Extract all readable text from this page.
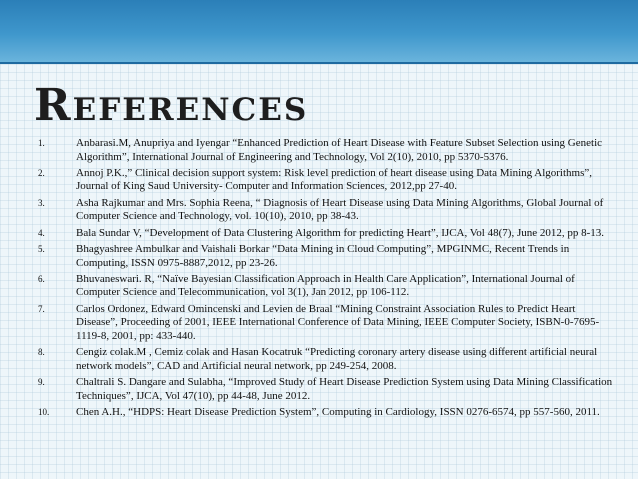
References
1.	Anbarasi.M, Anupriya and Iyengar “Enhanced Prediction of Heart Disease with Feature Subset Selection using Genetic Algorithm”, International Journal of Engineering and Technology, Vol 2(10), 2010, pp 5370-5376.
2.	Annoj P.K.,” Clinical decision support system: Risk level prediction of heart disease using Data Mining Algorithms”, Journal of King Saud University- Computer and Information Sciences, 2012,pp 27-40.
3.	Asha Rajkumar and Mrs. Sophia Reena, “ Diagnosis of Heart Disease using Data Mining Algorithms, Global Journal of Computer Science and Technology, vol. 10(10), 2010, pp 38-43.
4.	Bala Sundar V, “Development of Data Clustering Algorithm for predicting Heart”, IJCA, Vol 48(7), June 2012, pp 8-13.
5.	Bhagyashree Ambulkar and Vaishali Borkar “Data Mining in Cloud Computing”, MPGINMC, Recent Trends in Computing, ISSN 0975-8887,2012, pp 23-26.
6.	Bhuvaneswari. R, “Naïve Bayesian Classification Approach in Health Care Application”, International Journal of Computer Science and Telecommunication, vol 3(1), Jan 2012, pp 106-112.
7.	Carlos Ordonez, Edward Omincenski and Levien de Braal “Mining Constraint Association Rules to Predict Heart Disease”, Proceeding of 2001, IEEE International Conference of Data Mining, IEEE Computer Society, ISBN-0-7695-1119-8, 2001, pp: 433-440.
8.	Cengiz colak.M , Cemiz colak and Hasan Kocatruk “Predicting coronary artery disease using different artificial neural network models”, CAD and Artificial neural network, pp 249-254, 2008.
9.	Chaltrali S. Dangare and Sulabha, “Improved Study of Heart Disease Prediction System using Data Mining Classification Techniques”, IJCA, Vol 47(10), pp 44-48, June 2012.
10.	Chen A.H., “HDPS: Heart Disease Prediction System”, Computing in Cardiology, ISSN 0276-6574, pp 557-560, 2011.
